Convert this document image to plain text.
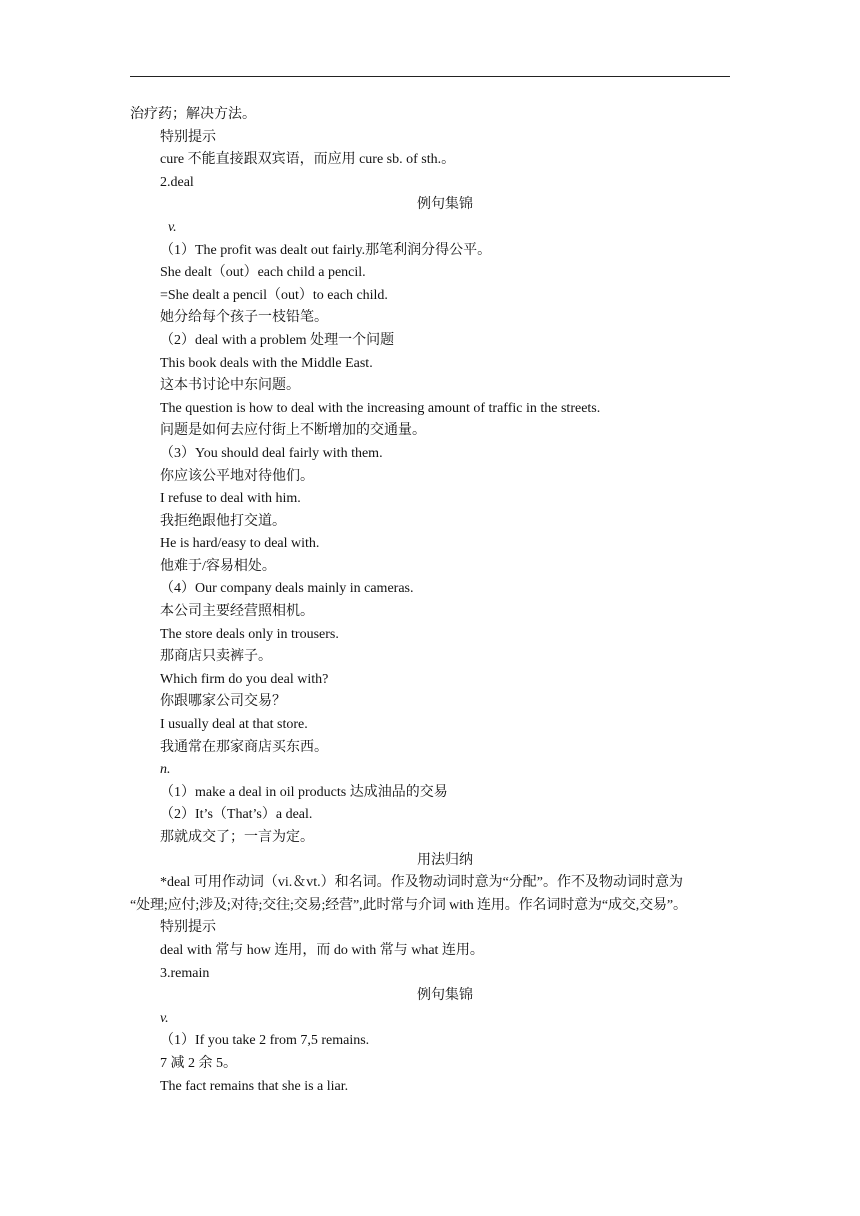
治疗药；解决方法。
特别提示
cure 不能直接跟双宾语，而应用 cure sb. of sth.。
2.deal
例句集锦
v.
（1）The profit was dealt out fairly.那笔利润分得公平。
She dealt（out）each child a pencil.
=She dealt a pencil（out）to each child.
她分给每个孩子一枝铅笔。
（2）deal with a problem 处理一个问题
This book deals with the Middle East.
这本书讨论中东问题。
The question is how to deal with the increasing amount of traffic in the streets.
问题是如何去应付街上不断增加的交通量。
（3）You should deal fairly with them.
你应该公平地对待他们。
I refuse to deal with him.
我拒绝跟他打交道。
He is hard/easy to deal with.
他难于/容易相处。
（4）Our company deals mainly in cameras.
本公司主要经营照相机。
The store deals only in trousers.
那商店只卖裤子。
Which firm do you deal with?
你跟哪家公司交易？
I usually deal at that store.
我通常在那家商店买东西。
n.
（1）make a deal in oil products 达成油品的交易
（2）It’s（That’s）a deal.
那就成交了；一言为定。
用法归纳
*deal 可用作动词（vi.＆vt.）和名词。作及物动词时意为“分配”。作不及物动词时意为
“处理;应付;涉及;对待;交往;交易;经营”,此时常与介词 with 连用。作名词时意为“成交,交易”。
特别提示
deal with 常与 how 连用，而 do with 常与 what 连用。
3.remain
例句集锦
v.
（1）If you take 2 from 7,5 remains.
7 减 2 余 5。
The fact remains that she is a liar.
